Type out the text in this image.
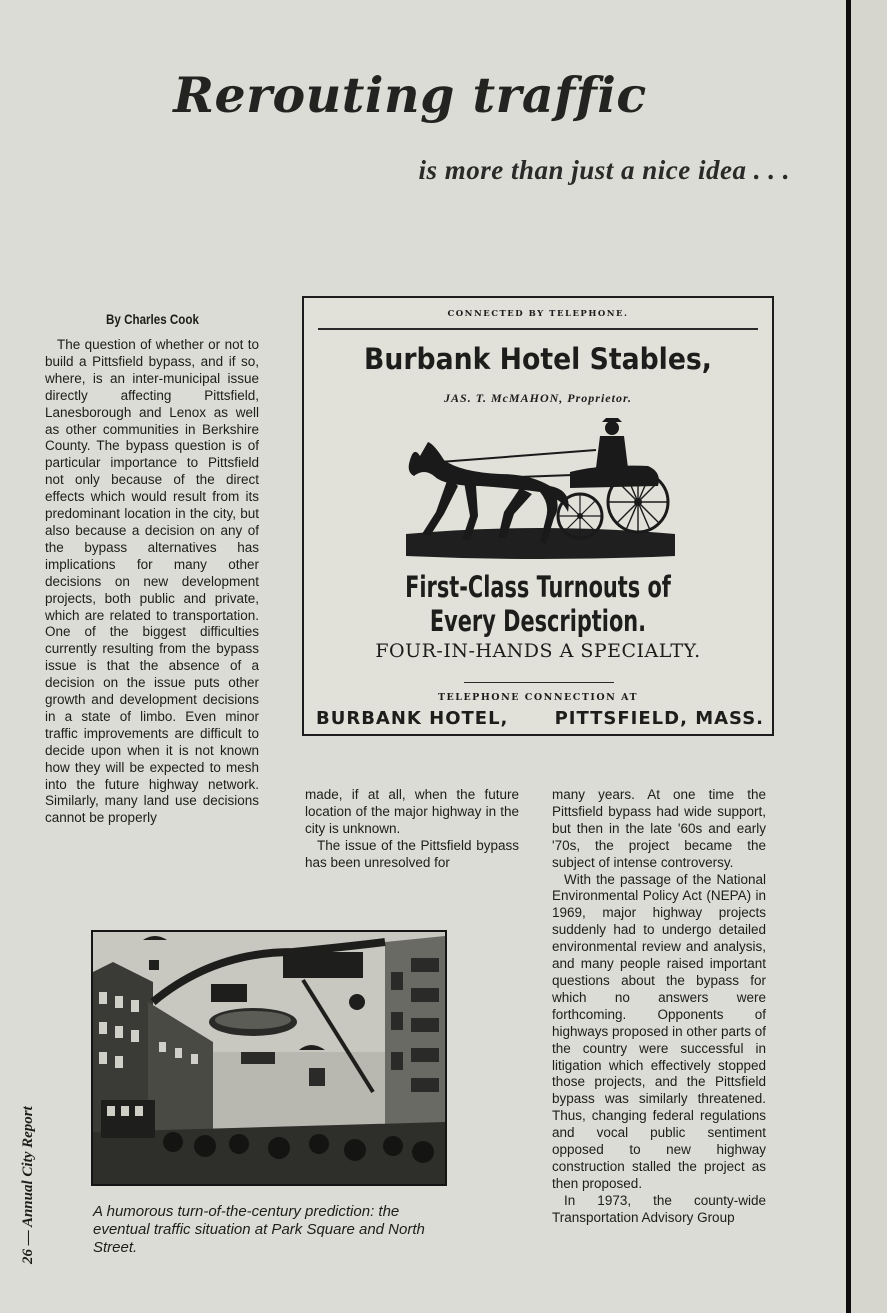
Rerouting traffic
is more than just a nice idea . . .
By Charles Cook

The question of whether or not to build a Pittsfield bypass, and if so, where, is an inter-municipal issue directly affecting Pittsfield, Lanesborough and Lenox as well as other communities in Berkshire County. The bypass question is of particular importance to Pittsfield not only because of the direct effects which would result from its predominant location in the city, but also because a decision on any of the bypass alternatives has implications for many other decisions on new development projects, both public and private, which are related to transportation. One of the biggest difficulties currently resulting from the bypass issue is that the absence of a decision on the issue puts other growth and development decisions in a state of limbo. Even minor traffic improvements are difficult to decide upon when it is not known how they will be expected to mesh into the future highway network. Similarly, many land use decisions cannot be properly

CONNECTED BY TELEPHONE.
Burbank Hotel Stables,
JAS. T. McMAHON, Proprietor.
First-Class Turnouts of Every Description.
FOUR-IN-HANDS A SPECIALTY.
TELEPHONE CONNECTION AT
BURBANK HOTEL,	PITTSFIELD, MASS.

made, if at all, when the future location of the major highway in the city is unknown.

The issue of the Pittsfield bypass has been unresolved for

many years. At one time the Pittsfield bypass had wide support, but then in the late '60s and early '70s, the project became the subject of intense controversy.

With the passage of the National Environmental Policy Act (NEPA) in 1969, major highway projects suddenly had to undergo detailed environmental review and analysis, and many people raised important questions about the bypass for which no answers were forthcoming. Opponents of highways proposed in other parts of the country were successful in litigation which effectively stopped those projects, and the Pittsfield bypass was similarly threatened. Thus, changing federal regulations and vocal public sentiment opposed to new highway construction stalled the project as then proposed.

In 1973, the county-wide Transportation Advisory Group

A humorous turn-of-the-century prediction: the eventual traffic situation at Park Square and North Street.

26 — Annual City Report
